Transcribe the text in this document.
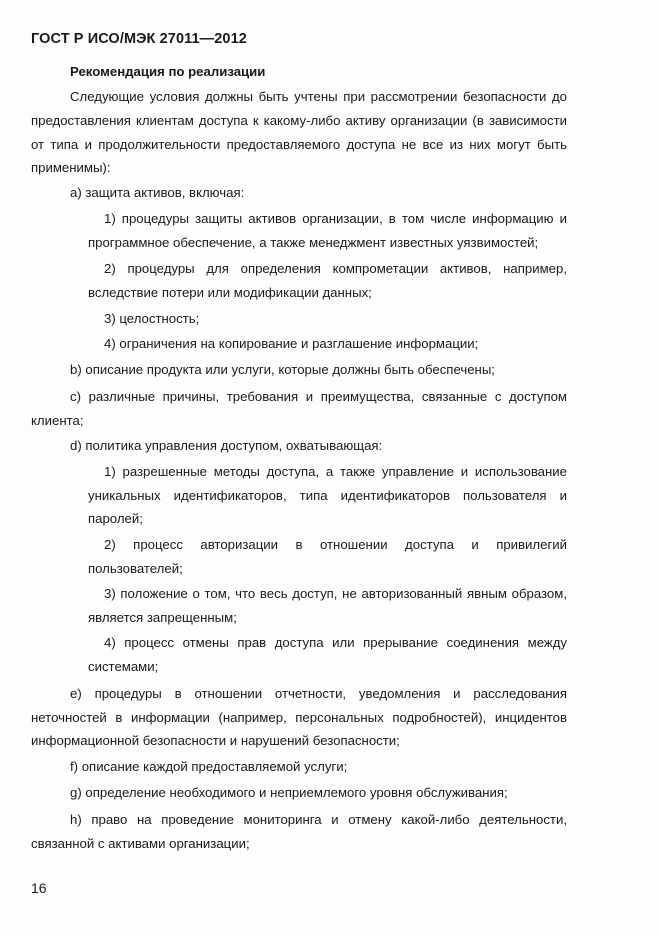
ГОСТ Р ИСО/МЭК 27011—2012
Рекомендация по реализации
Следующие условия должны быть учтены при рассмотрении безопасности до
предоставления клиентам доступа к какому-либо активу организации (в зависимости
от типа и продолжительности предоставляемого доступа не все из них могут быть
применимы):
a) защита активов, включая:
1) процедуры защиты активов организации, в том числе информацию и
программное обеспечение, а также менеджмент известных уязвимостей;
2) процедуры для определения компрометации активов, например,
вследствие потери или модификации данных;
3) целостность;
4) ограничения на копирование и разглашение информации;
b) описание продукта или услуги, которые должны быть обеспечены;
c) различные причины, требования и преимущества, связанные с доступом
клиента;
d) политика управления доступом, охватывающая:
1) разрешенные методы доступа, а также управление и использование
уникальных идентификаторов, типа идентификаторов пользователя и
паролей;
2) процесс авторизации в отношении доступа и привилегий
пользователей;
3) положение о том, что весь доступ, не авторизованный явным образом,
является запрещенным;
4) процесс отмены прав доступа или прерывание соединения между
системами;
e) процедуры в отношении отчетности, уведомления и расследования
неточностей в информации (например, персональных подробностей), инцидентов
информационной безопасности и нарушений безопасности;
f) описание каждой предоставляемой услуги;
g) определение необходимого и неприемлемого уровня обслуживания;
h) право на проведение мониторинга и отмену какой-либо деятельности,
связанной с активами организации;
16
